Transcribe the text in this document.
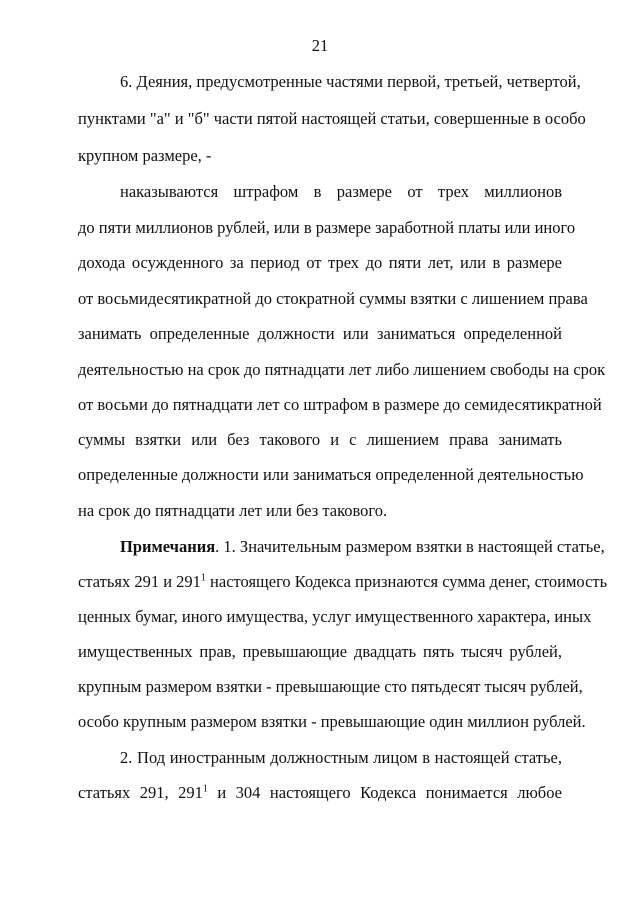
21
6. Деяния, предусмотренные частями первой, третьей, четвертой,
пунктами "а" и "б" части пятой настоящей статьи, совершенные в особо
крупном размере, -
наказываются штрафом в размере от трех миллионов
до пяти миллионов рублей, или в размере заработной платы или иного
дохода осужденного за период от трех до пяти лет, или в размере
от восьмидесятикратной до стократной суммы взятки с лишением права
занимать определенные должности или заниматься определенной
деятельностью на срок до пятнадцати лет либо лишением свободы на срок
от восьми до пятнадцати лет со штрафом в размере до семидесятикратной
суммы взятки или без такового и с лишением права занимать
определенные должности или заниматься определенной деятельностью
на срок до пятнадцати лет или без такового.
Примечания. 1. Значительным размером взятки в настоящей статье,
статьях 291 и $291^1$ настоящего Кодекса признаются сумма денег, стоимость
ценных бумаг, иного имущества, услуг имущественного характера, иных
имущественных прав, превышающие двадцать пять тысяч рублей,
крупным размером взятки - превышающие сто пятьдесят тысяч рублей,
особо крупным размером взятки - превышающие один миллион рублей.
2. Под иностранным должностным лицом в настоящей статье,
статьях 291, $291^1$ и 304 настоящего Кодекса понимается любое
